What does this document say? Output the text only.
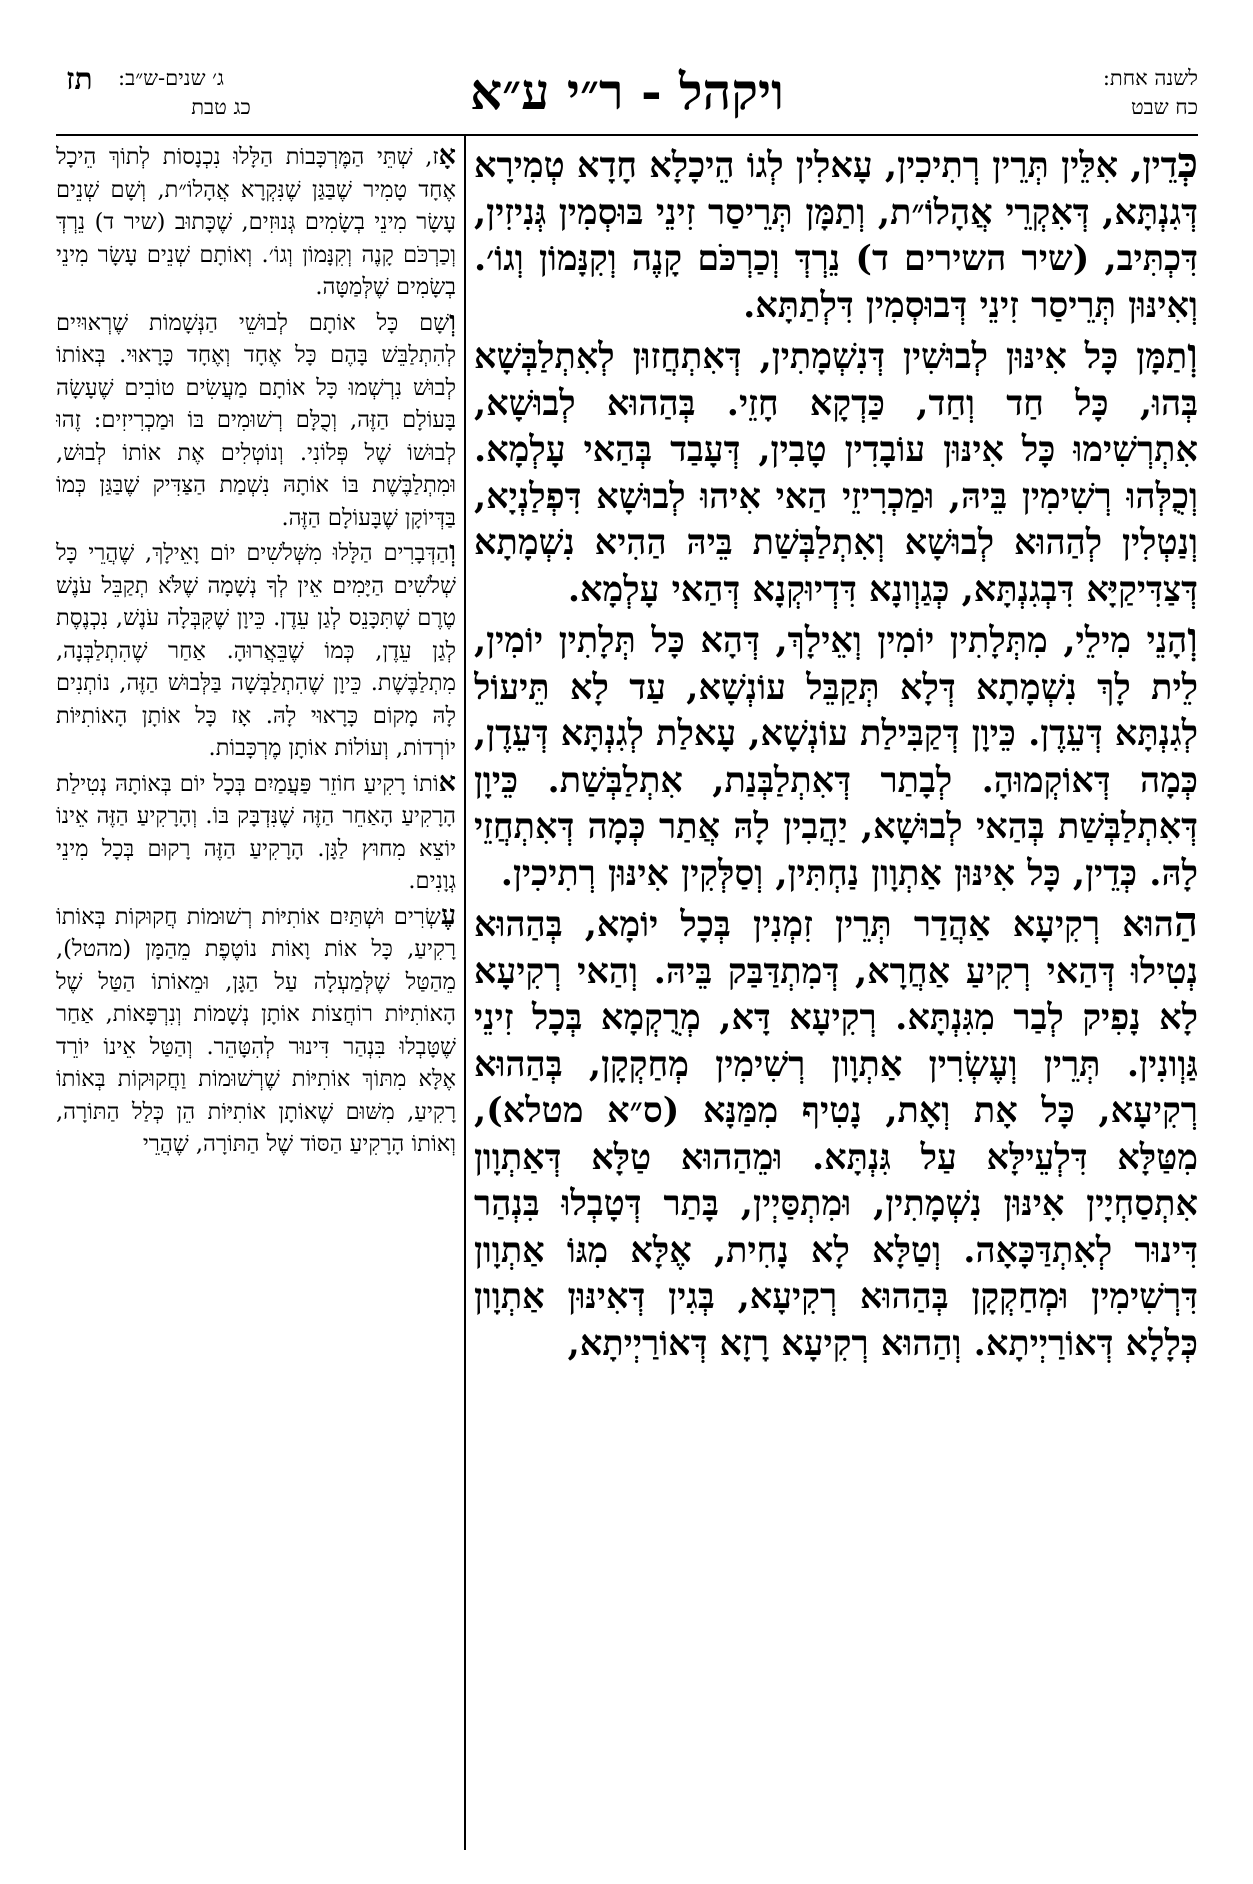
לשנה אחת:
כח שבט
ויקהל - ר״י ע״א
ג׳ שנים-ש״ב:
כג טבת
תז

כְּדֵין, אִלֵּין תְּרֵין רְתִיכִין, עָאלִין לְגוֹ הֵיכָלָא חָדָא טְמִירָא דְּגִנְתָּא, דְּאִקְרֵי אֲהָלוֹ״ת, וְתַמָּן תְּרֵיסַר זִינֵי בּוּסְמִין גְּנִיזִין, דִּכְתִּיב, (שיר השירים ד) נֵרְדְּ וְכַרְכֹּם קָנֶה וְקִנָּמוֹן וְגוֹ׳. וְאִינּוּן תְּרֵיסַר זִינֵי דְּבוּסְמִין דִּלְתַתָּא.

וְתַמָּן כָּל אִינּוּן לְבוּשִׁין דְּנִשְׁמָתִין, דְּאִתְחֲזוּן לְאִתְלַבְּשָׁא בְּהוּ, כָּל חַד וְחַד, כַּדְקָא חָזֵי. בְּהַהוּא לְבוּשָׁא, אִתְרְשִׁימוּ כָּל אִינּוּן עוֹבָדִין טָבִין, דְּעָבַד בְּהַאי עָלְמָא. וְכֻלְּהוּ רְשִׁימִין בֵּיהּ, וּמַכְרִיזֵי הַאי אִיהוּ לְבוּשָׁא דִּפְלַנְיָא, וְנַטְלִין לְהַהוּא לְבוּשָׁא וְאִתְלַבְּשַׁת בֵּיהּ הַהִיא נִשְׁמָתָא דְּצַדִּיקַיָּא דִּבְגִנְתָּא, כְּגַוְונָא דִּדְיוּקְנָא דְּהַאי עָלְמָא.

וְהָנֵי מִילֵי, מִתְּלָתִין יוֹמִין וְאֵילָךְ, דְּהָא כָּל תְּלָתִין יוֹמִין, לֵית לָךְ נִשְׁמָתָא דְּלָא תְּקַבֵּל עוֹנְשָׁא, עַד לָא תֵּיעוֹל לְגִנְתָּא דְּעֵדֶן. כֵּיוָן דְּקַבִּילַת עוֹנְשָׁא, עָאלַת לְגִנְתָּא דְּעֵדֶן, כְּמָה דְּאוֹקְמוּהָ. לְבָתַר דְּאִתְלַבְּנַת, אִתְלַבְּשַׁת. כֵּיוָן דְּאִתְלַבְּשַׁת בְּהַאי לְבוּשָׁא, יַהֲבִין לָהּ אֲתַר כְּמָה דְּאִתְחֲזֵי לָהּ. כְּדֵין, כָּל אִינּוּן אַתְוָון נַחְתִּין, וְסַלְּקִין אִינּוּן רְתִיכִין.

הַהוּא רְקִיעָא אַהֲדַר תְּרֵין זִמְנִין בְּכָל יוֹמָא, בְּהַהוּא נְטִילוּ דְּהַאי רְקִיעַ אַחֲרָא, דְּמִתְדַּבַּק בֵּיהּ. וְהַאי רְקִיעָא לָא נָפִיק לְבַר מִגִּנְתָּא. רְקִיעָא דָּא, מְרֻקְמָא בְּכָל זִינֵי גַּוְונִין. תְּרֵין וְעֶשְׂרִין אַתְוָון רְשִׁימִין מְחַקְקָן, בְּהַהוּא רְקִיעָא, כָּל אָת וְאָת, נָטִיף מִמַּנָּא (ס״א מטלא), מִטַּלָּא דִּלְעֵילָּא עַל גִּנְתָּא. וּמֵהַהוּא טַלָּא דְּאַתְוָון אִתְסַחְיָין אִינּוּן נִשְׁמָתִין, וּמִתְסַּיְין, בָּתַר דְּטָבְלוּ בִּנְהַר דִּינוּר לְאִתְדַּכָּאָה. וְטַלָּא לָא נָחִית, אֶלָּא מִגּוֹ אַתְוָון דִּרְשִׁימִין וּמְחַקְקָן בְּהַהוּא רְקִיעָא, בְּגִין דְּאִינּוּן אַתְוָון כְּלָלָא דְּאוֹרַיְיתָא. וְהַהוּא רְקִיעָא רָזָא דְּאוֹרַיְיתָא,

אָז, שְׁתֵּי הַמֶּרְכָּבוֹת הַלָּלוּ נִכְנָסוֹת לְתוֹךְ הֵיכָל אֶחָד טָמִיר שֶׁבַּגַּן שֶׁנִּקְרָא אֲהָלוֹ״ת, וְשָׁם שְׁנֵים עָשָׂר מִינֵי בְשָׂמִים גְּנוּזִים, שֶׁכָּתוּב (שיר ד) נֵרְדְּ וְכַרְכֹּם קָנֶה וְקִנָּמוֹן וְגוֹ׳. וְאוֹתָם שְׁנֵים עָשָׂר מִינֵי בְשָׂמִים שֶׁלְּמַטָּה.

וְשָׁם כָּל אוֹתָם לְבוּשֵׁי הַנְּשָׁמוֹת שֶׁרְאוּיִים לְהִתְלַבֵּשׁ בָּהֶם כָּל אֶחָד וְאֶחָד כָּרָאוּי. בְּאוֹתוֹ לְבוּשׁ נִרְשְׁמוּ כָּל אוֹתָם מַעֲשִׂים טוֹבִים שֶׁעָשָׂה בָּעוֹלָם הַזֶּה, וְכֻלָּם רְשׁוּמִים בּוֹ וּמַכְרִיזִים: זֶהוּ לְבוּשׁוֹ שֶׁל פְּלוֹנִי. וְנוֹטְלִים אֶת אוֹתוֹ לְבוּשׁ, וּמִתְלַבֶּשֶׁת בּוֹ אוֹתָהּ נִשְׁמַת הַצַּדִּיק שֶׁבַּגַּן כְּמוֹ בַּדְּיוֹקָן שֶׁבָּעוֹלָם הַזֶּה.

וְהַדְּבָרִים הַלָּלוּ מִשְּׁלֹשִׁים יוֹם וָאֵילָךְ, שֶׁהֲרֵי כָּל שְׁלֹשִׁים הַיָּמִים אֵין לְךָ נְשָׁמָה שֶׁלֹּא תְקַבֵּל עֹנֶשׁ טֶרֶם שֶׁתִּכָּנֵס לְגַן עֵדֶן. כֵּיוָן שֶׁקִּבְּלָה עֹנֶשׁ, נִכְנֶסֶת לְגַן עֵדֶן, כְּמוֹ שֶׁבֵּאֲרוּהָ. אַחַר שֶׁהִתְלַבְּנָה, מִתְלַבֶּשֶׁת. כֵּיוָן שֶׁהִתְלַבְּשָׁה בַּלְּבוּשׁ הַזֶּה, נוֹתְנִים לָהּ מָקוֹם כָּרָאוּי לָהּ. אָז כָּל אוֹתָן הָאוֹתִיּוֹת יוֹרְדוֹת, וְעוֹלוֹת אוֹתָן מֶרְכָּבוֹת.

אוֹתוֹ רָקִיעַ חוֹזֵר פַּעֲמַיִם בְּכָל יוֹם בְּאוֹתָהּ נְטִילַת הָרָקִיעַ הָאַחֵר הַזֶּה שֶׁנִּדְבָּק בּוֹ. וְהָרָקִיעַ הַזֶּה אֵינוֹ יוֹצֵא מִחוּץ לַגָּן. הָרָקִיעַ הַזֶּה רָקוּם בְּכָל מִינֵי גְוָנִים.

עֶשְׂרִים וּשְׁתַּיִם אוֹתִיּוֹת רְשׁוּמוֹת חֲקוּקוֹת בְּאוֹתוֹ רָקִיעַ, כָּל אוֹת וָאוֹת נוֹטֶפֶת מֵהַמָּן (מהטל), מֵהַטַּל שֶׁלְּמַעְלָה עַל הַגָּן, וּמֵאוֹתוֹ הַטַּל שֶׁל הָאוֹתִיּוֹת רוֹחֲצוֹת אוֹתָן נְשָׁמוֹת וְנִרְפָּאוֹת, אַחַר שֶׁטָּבְלוּ בִּנְהַר דִּינוּר לְהִטָּהֵר. וְהַטַּל אֵינוֹ יוֹרֵד אֶלָּא מִתּוֹךְ אוֹתִיּוֹת שֶׁרְשׁוּמוֹת וַחֲקוּקוֹת בְּאוֹתוֹ רָקִיעַ, מִשּׁוּם שֶׁאוֹתָן אוֹתִיּוֹת הֵן כְּלַל הַתּוֹרָה, וְאוֹתוֹ הָרָקִיעַ הַסּוֹד שֶׁל הַתּוֹרָה, שֶׁהֲרֵי
